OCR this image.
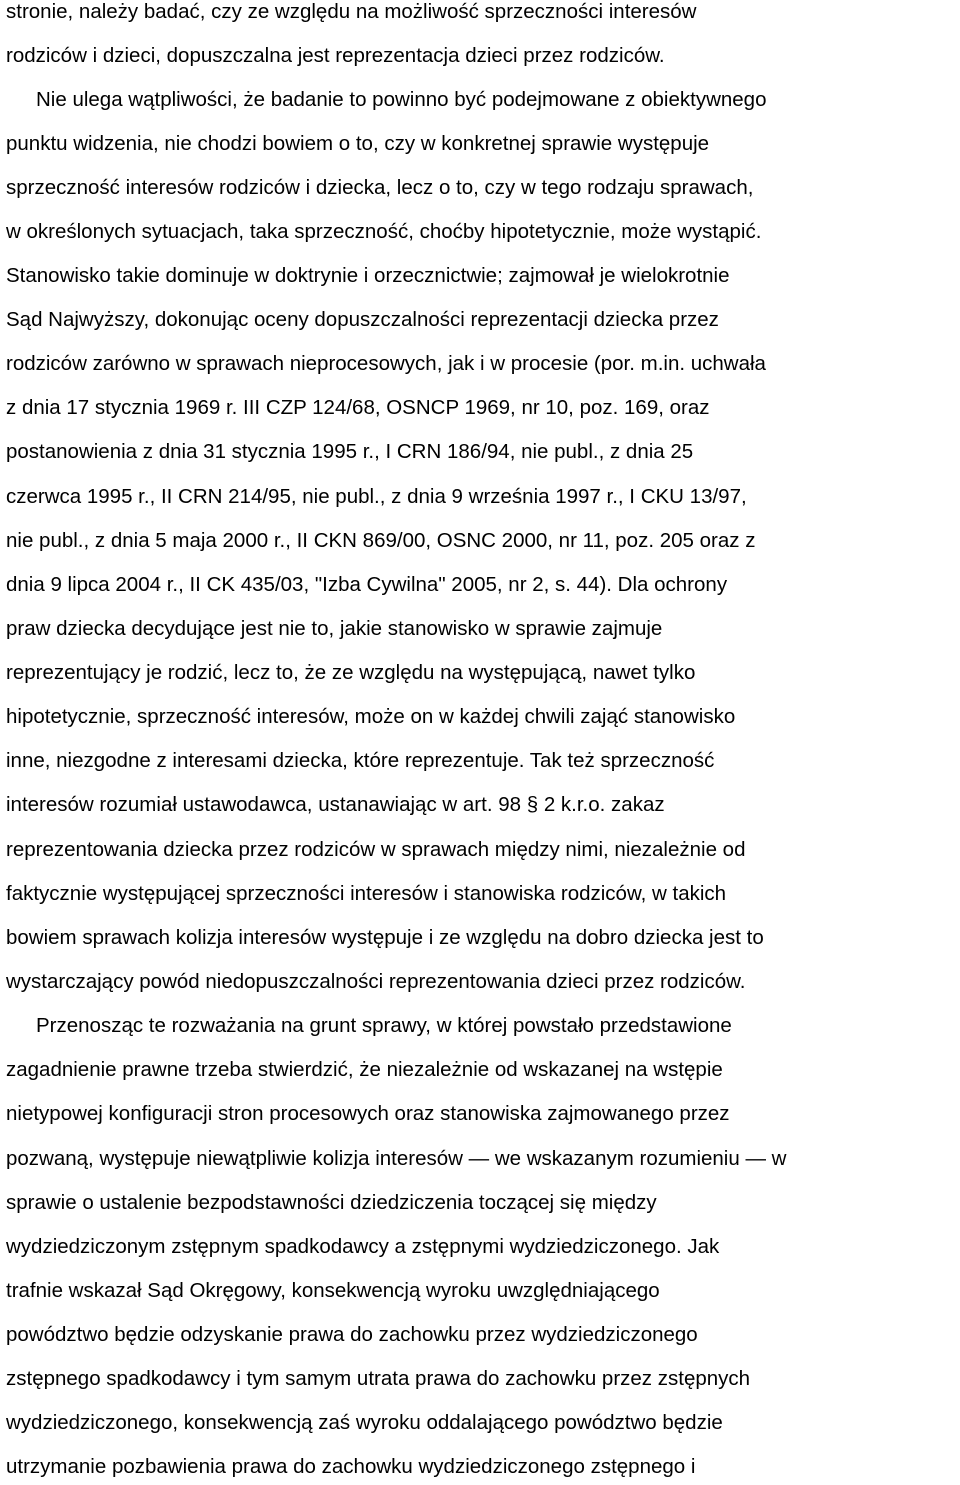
stronie, należy badać, czy ze względu na możliwość sprzeczności interesów

rodziców i dzieci, dopuszczalna jest reprezentacja dzieci przez rodziców.

Nie ulega wątpliwości, że badanie to powinno być podejmowane z obiektywnego

punktu widzenia, nie chodzi bowiem o to, czy w konkretnej sprawie występuje

sprzeczność interesów rodziców i dziecka, lecz o to, czy w tego rodzaju sprawach,

w określonych sytuacjach, taka sprzeczność, choćby hipotetycznie, może wystąpić.

Stanowisko takie dominuje w doktrynie i orzecznictwie; zajmował je wielokrotnie

Sąd Najwyższy, dokonując oceny dopuszczalności reprezentacji dziecka przez

rodziców zarówno w sprawach nieprocesowych, jak i w procesie (por. m.in. uchwała

z dnia 17 stycznia 1969 r. III CZP 124/68, OSNCP 1969, nr 10, poz. 169, oraz

postanowienia z dnia 31 stycznia 1995 r., I CRN 186/94, nie publ., z dnia 25

czerwca 1995 r., II CRN 214/95, nie publ., z dnia 9 września 1997 r., I CKU 13/97,

nie publ., z dnia 5 maja 2000 r., II CKN 869/00, OSNC 2000, nr 11, poz. 205 oraz z

dnia 9 lipca 2004 r., II CK 435/03, "Izba Cywilna" 2005, nr 2, s. 44). Dla ochrony

praw dziecka decydujące jest nie to, jakie stanowisko w sprawie zajmuje

reprezentujący je rodzić, lecz to, że ze względu na występującą, nawet tylko

hipotetycznie, sprzeczność interesów, może on w każdej chwili zająć stanowisko

inne, niezgodne z interesami dziecka, które reprezentuje. Tak też sprzeczność

interesów rozumiał ustawodawca, ustanawiając w art. 98 § 2 k.r.o. zakaz

reprezentowania dziecka przez rodziców w sprawach między nimi, niezależnie od

faktycznie występującej sprzeczności interesów i stanowiska rodziców, w takich

bowiem sprawach kolizja interesów występuje i ze względu na dobro dziecka jest to

wystarczający powód niedopuszczalności reprezentowania dzieci przez rodziców.

Przenosząc te rozważania na grunt sprawy, w której powstało przedstawione

zagadnienie prawne trzeba stwierdzić, że niezależnie od wskazanej na wstępie

nietypowej konfiguracji stron procesowych oraz stanowiska zajmowanego przez

pozwaną, występuje niewątpliwie kolizja interesów — we wskazanym rozumieniu — w

sprawie o ustalenie bezpodstawności dziedziczenia toczącej się między

wydziedziczonym zstępnym spadkodawcy a zstępnymi wydziedziczonego. Jak

trafnie wskazał Sąd Okręgowy, konsekwencją wyroku uwzględniającego

powództwo będzie odzyskanie prawa do zachowku przez wydziedziczonego

zstępnego spadkodawcy i tym samym utrata prawa do zachowku przez zstępnych

wydziedziczonego, konsekwencją zaś wyroku oddalającego powództwo będzie

utrzymanie pozbawienia prawa do zachowku wydziedziczonego zstępnego i
